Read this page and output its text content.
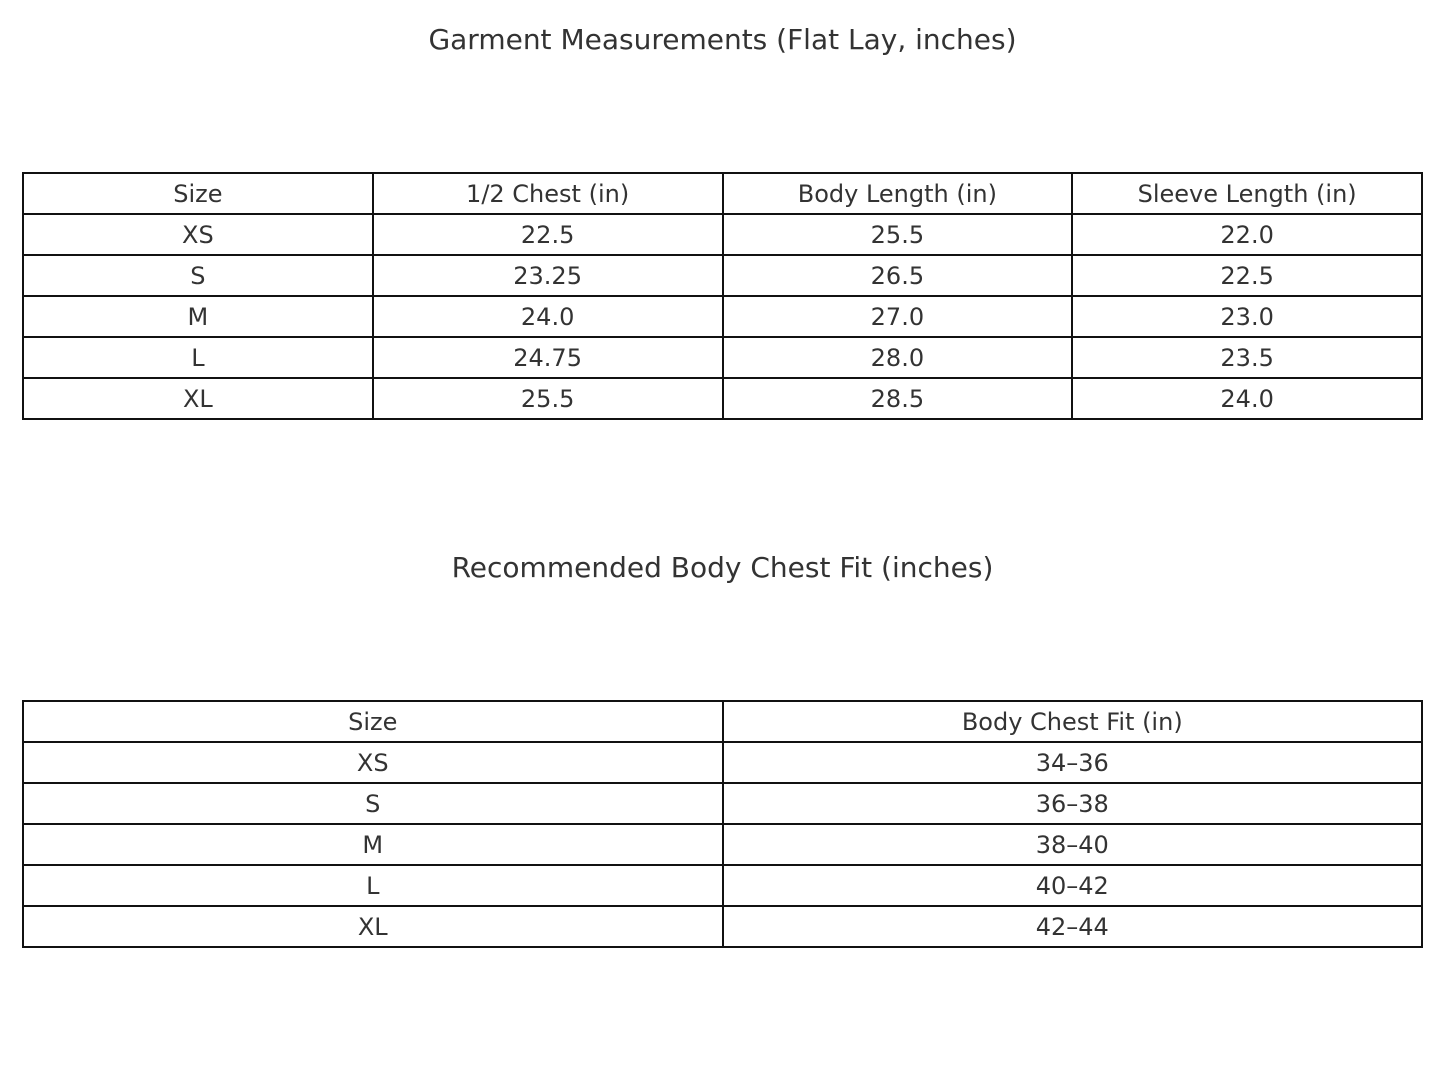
Garment Measurements (Flat Lay, inches)
Size	1/2 Chest (in)	Body Length (in)	Sleeve Length (in)
XS	22.5	25.5	22.0
S	23.25	26.5	22.5
M	24.0	27.0	23.0
L	24.75	28.0	23.5
XL	25.5	28.5	24.0
Recommended Body Chest Fit (inches)
Size	Body Chest Fit (in)
XS	34–36
S	36–38
M	38–40
L	40–42
XL	42–44
